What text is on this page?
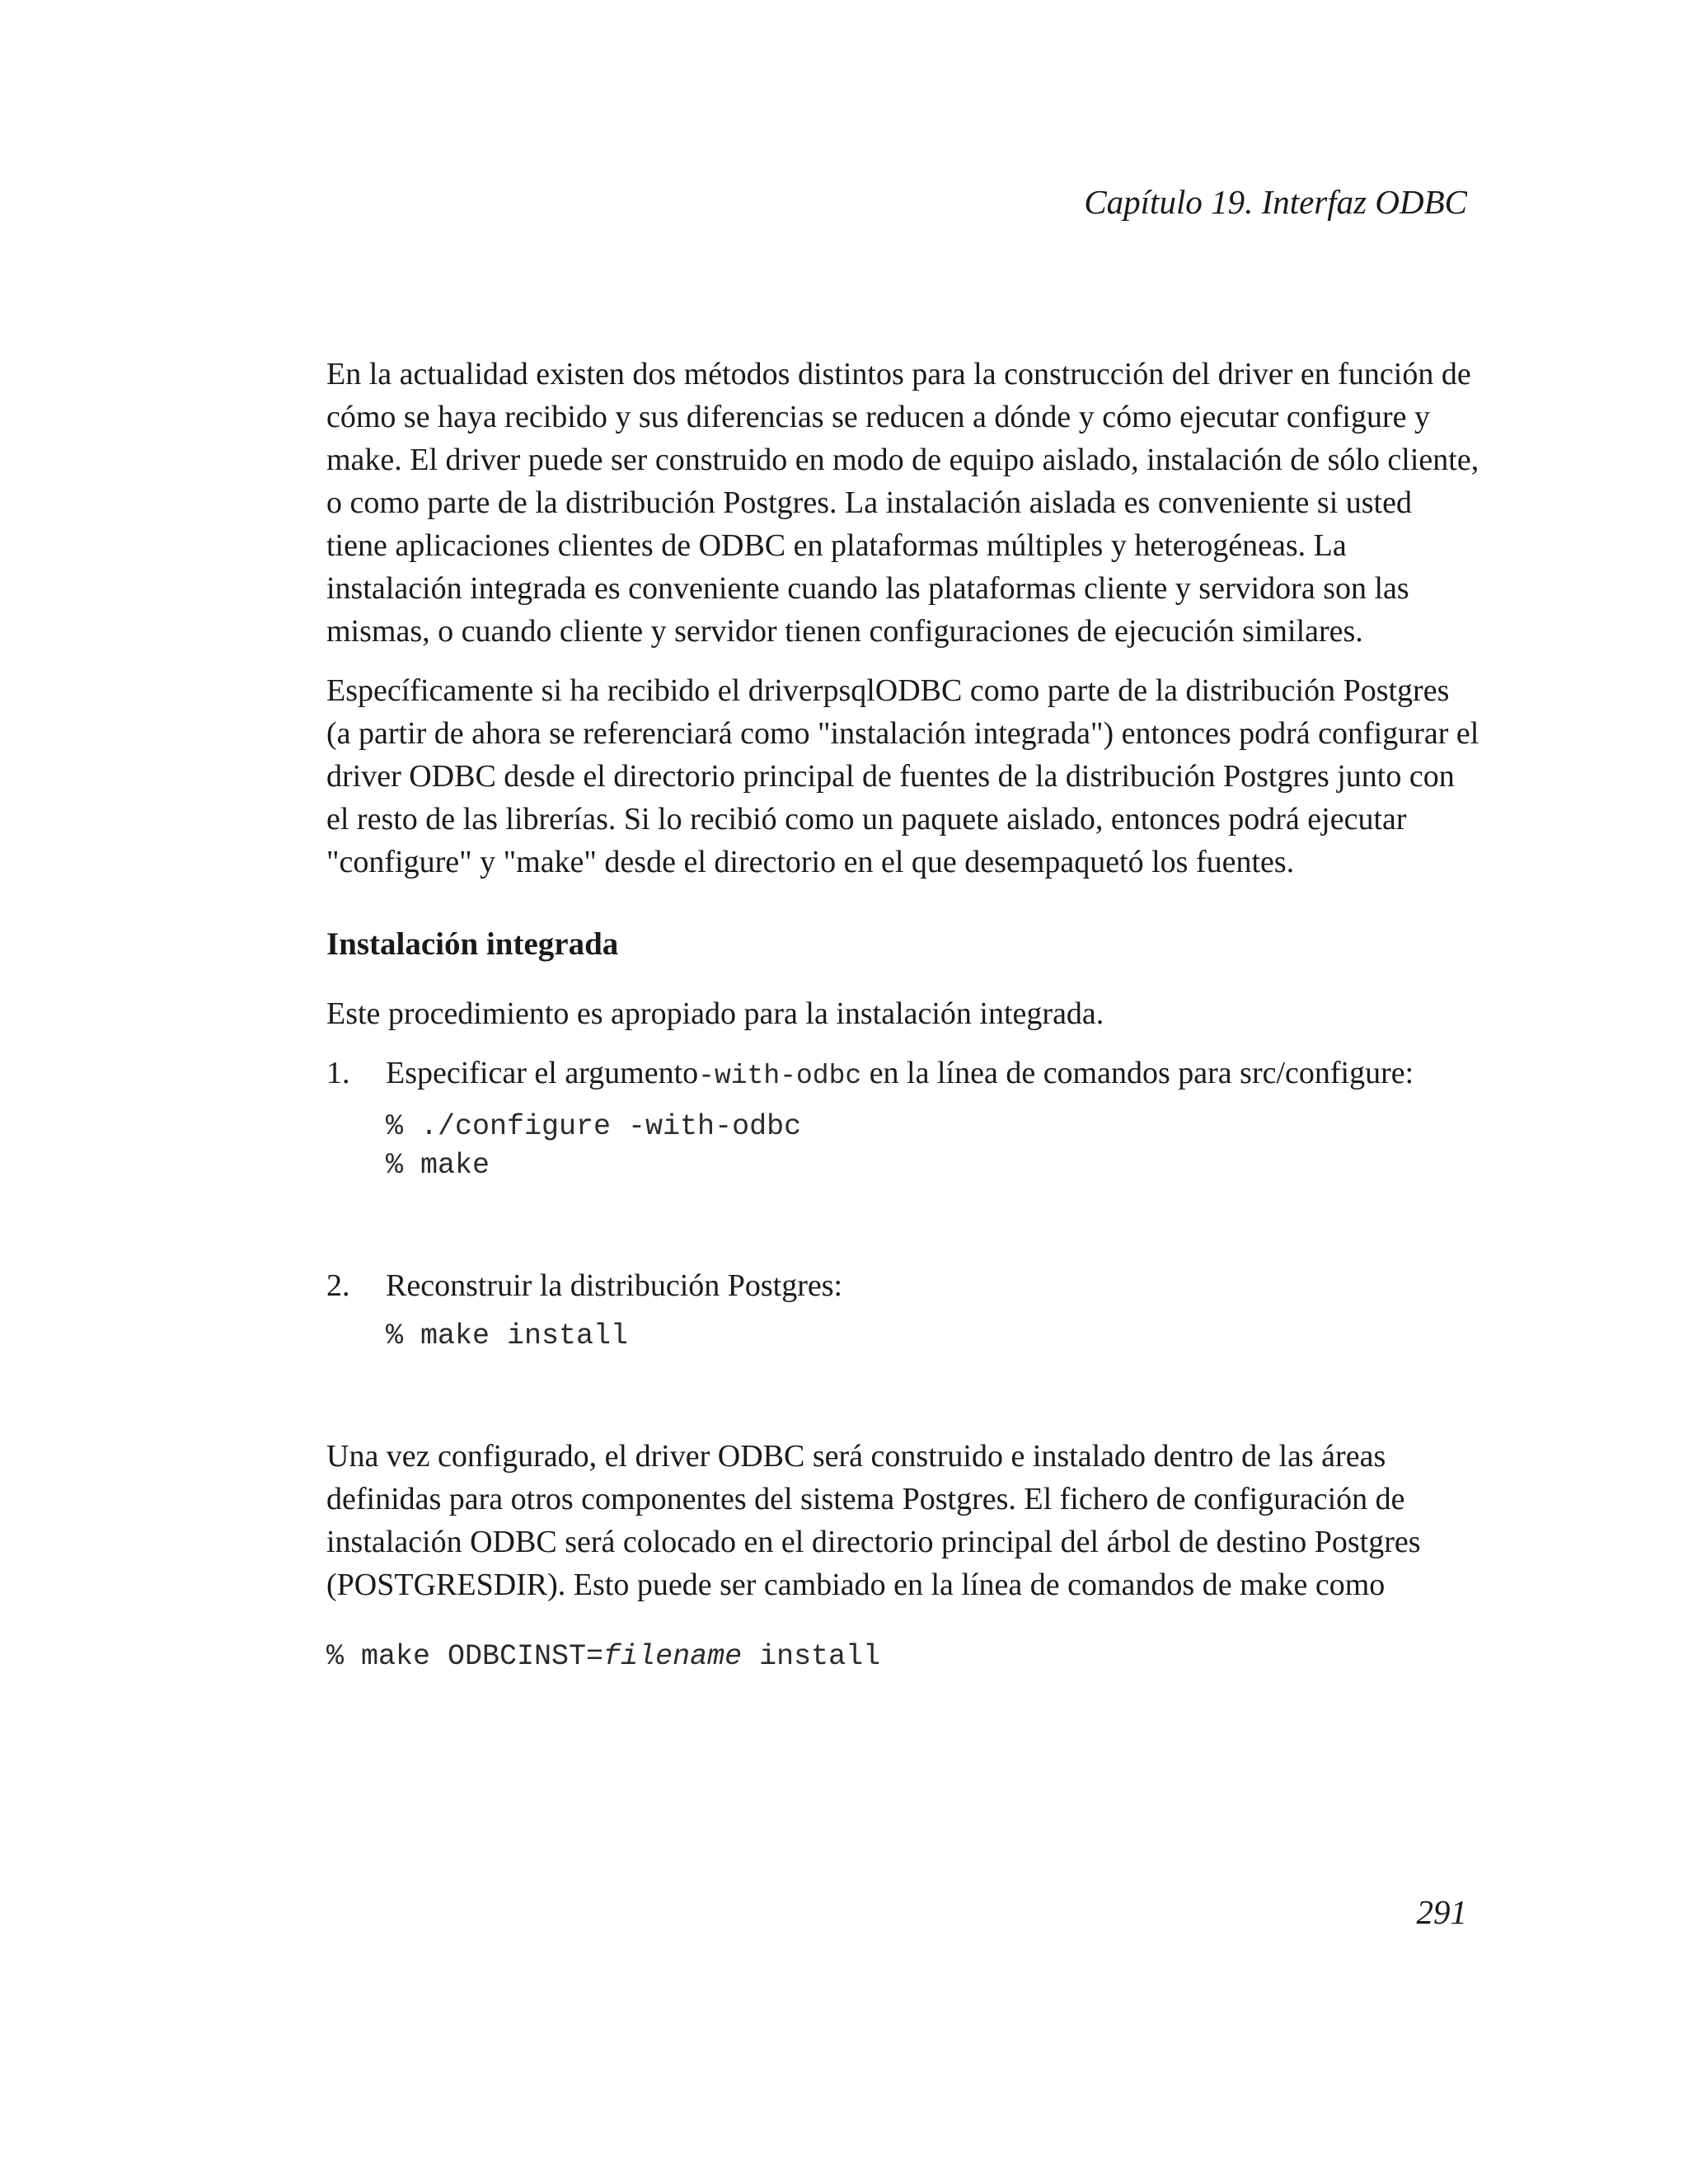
Capítulo 19. Interfaz ODBC

En la actualidad existen dos métodos distintos para la construcción del driver en función de cómo se haya recibido y sus diferencias se reducen a dónde y cómo ejecutar configure y make. El driver puede ser construido en modo de equipo aislado, instalación de sólo cliente, o como parte de la distribución Postgres. La instalación aislada es conveniente si usted tiene aplicaciones clientes de ODBC en plataformas múltiples y heterogéneas. La instalación integrada es conveniente cuando las plataformas cliente y servidora son las mismas, o cuando cliente y servidor tienen configuraciones de ejecución similares.

Específicamente si ha recibido el driverpsqlODBC como parte de la distribución Postgres (a partir de ahora se referenciará como "instalación integrada") entonces podrá configurar el driver ODBC desde el directorio principal de fuentes de la distribución Postgres junto con el resto de las librerías. Si lo recibió como un paquete aislado, entonces podrá ejecutar "configure" y "make" desde el directorio en el que desempaquetó los fuentes.

Instalación integrada

Este procedimiento es apropiado para la instalación integrada.

1.	Especificar el argumento-with-odbc en la línea de comandos para src/configure:
% ./configure -with-odbc
% make
2.	Reconstruir la distribución Postgres:
% make install

Una vez configurado, el driver ODBC será construido e instalado dentro de las áreas definidas para otros componentes del sistema Postgres. El fichero de configuración de instalación ODBC será colocado en el directorio principal del árbol de destino Postgres (POSTGRESDIR). Esto puede ser cambiado en la línea de comandos de make como

% make ODBCINST=filename install
291
